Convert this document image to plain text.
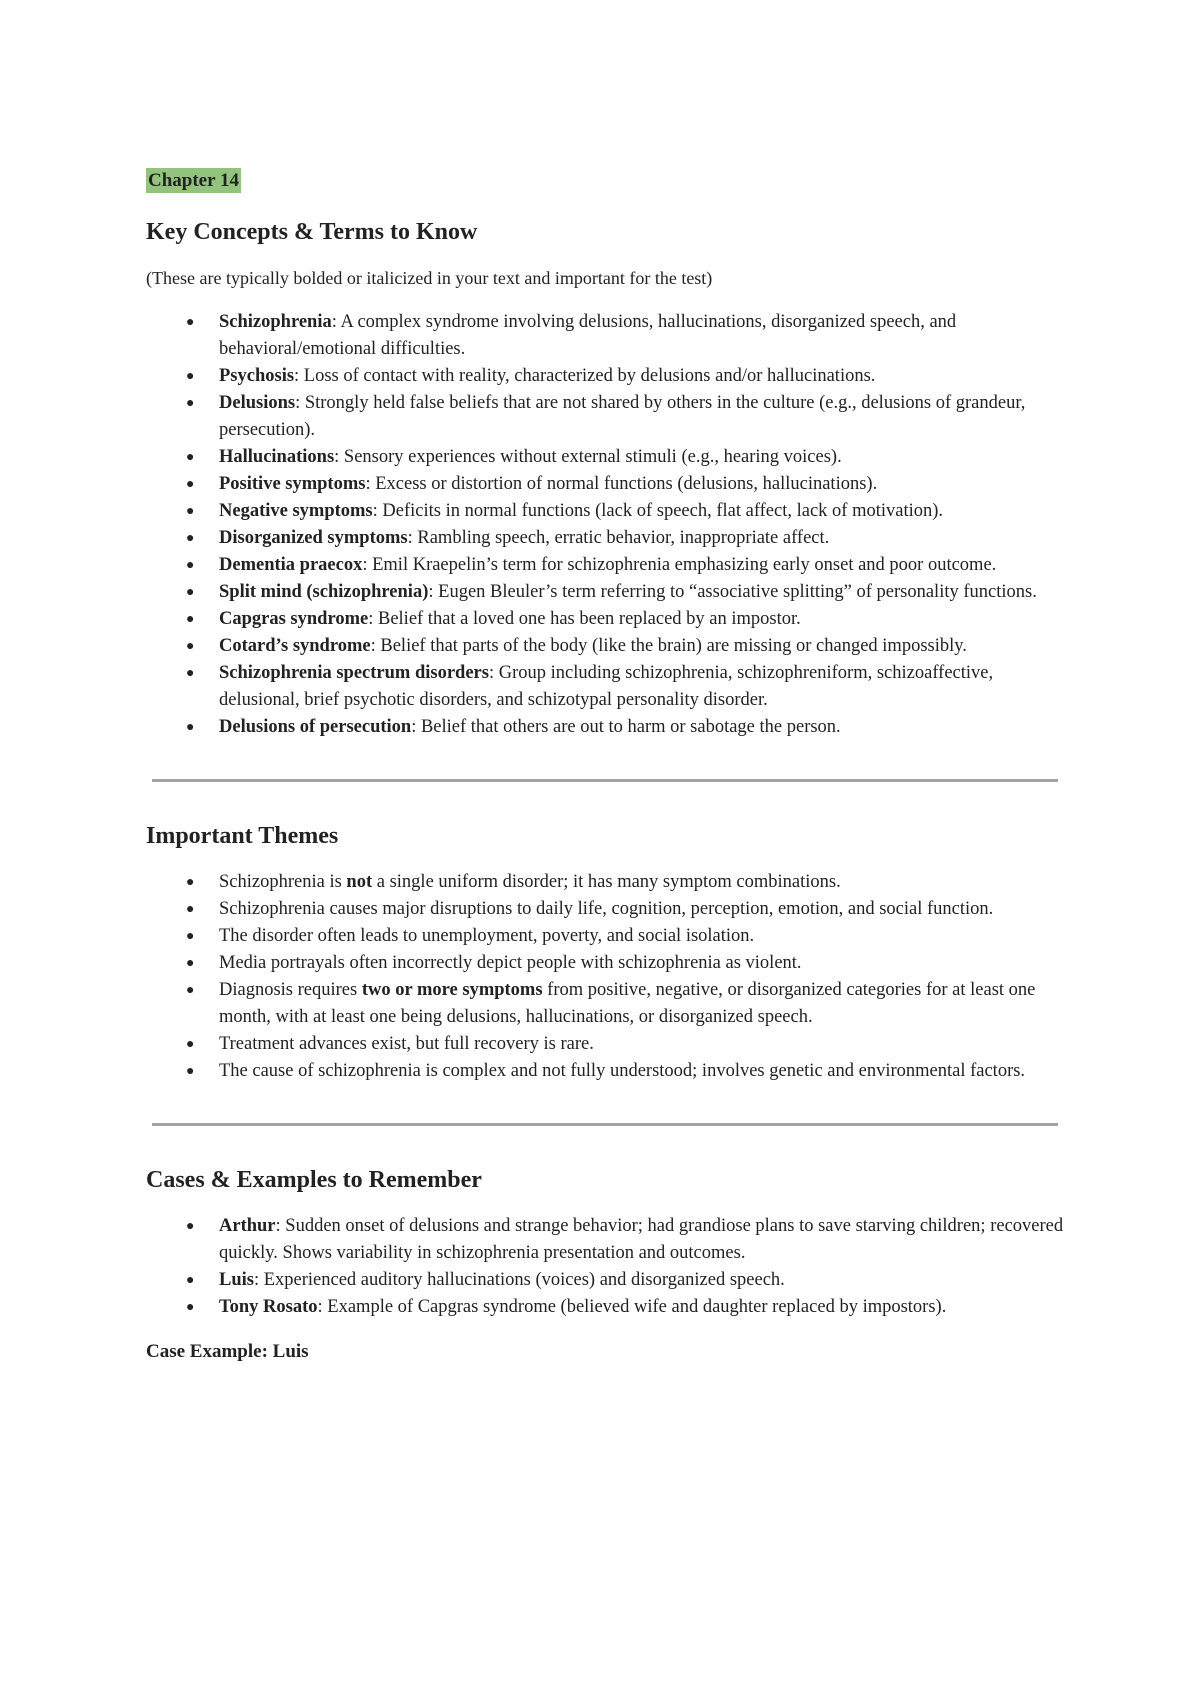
Chapter 14
Key Concepts & Terms to Know
(These are typically bolded or italicized in your text and important for the test)
● Schizophrenia: A complex syndrome involving delusions, hallucinations, disorganized speech, and behavioral/emotional difficulties.
● Psychosis: Loss of contact with reality, characterized by delusions and/or hallucinations.
● Delusions: Strongly held false beliefs that are not shared by others in the culture (e.g., delusions of grandeur, persecution).
● Hallucinations: Sensory experiences without external stimuli (e.g., hearing voices).
● Positive symptoms: Excess or distortion of normal functions (delusions, hallucinations).
● Negative symptoms: Deficits in normal functions (lack of speech, flat affect, lack of motivation).
● Disorganized symptoms: Rambling speech, erratic behavior, inappropriate affect.
● Dementia praecox: Emil Kraepelin’s term for schizophrenia emphasizing early onset and poor outcome.
● Split mind (schizophrenia): Eugen Bleuler’s term referring to “associative splitting” of personality functions.
● Capgras syndrome: Belief that a loved one has been replaced by an impostor.
● Cotard’s syndrome: Belief that parts of the body (like the brain) are missing or changed impossibly.
● Schizophrenia spectrum disorders: Group including schizophrenia, schizophreniform, schizoaffective, delusional, brief psychotic disorders, and schizotypal personality disorder.
● Delusions of persecution: Belief that others are out to harm or sabotage the person.
Important Themes
● Schizophrenia is not a single uniform disorder; it has many symptom combinations.
● Schizophrenia causes major disruptions to daily life, cognition, perception, emotion, and social function.
● The disorder often leads to unemployment, poverty, and social isolation.
● Media portrayals often incorrectly depict people with schizophrenia as violent.
● Diagnosis requires two or more symptoms from positive, negative, or disorganized categories for at least one month, with at least one being delusions, hallucinations, or disorganized speech.
● Treatment advances exist, but full recovery is rare.
● The cause of schizophrenia is complex and not fully understood; involves genetic and environmental factors.
Cases & Examples to Remember
● Arthur: Sudden onset of delusions and strange behavior; had grandiose plans to save starving children; recovered quickly. Shows variability in schizophrenia presentation and outcomes.
● Luis: Experienced auditory hallucinations (voices) and disorganized speech.
● Tony Rosato: Example of Capgras syndrome (believed wife and daughter replaced by impostors).
Case Example: Luis
